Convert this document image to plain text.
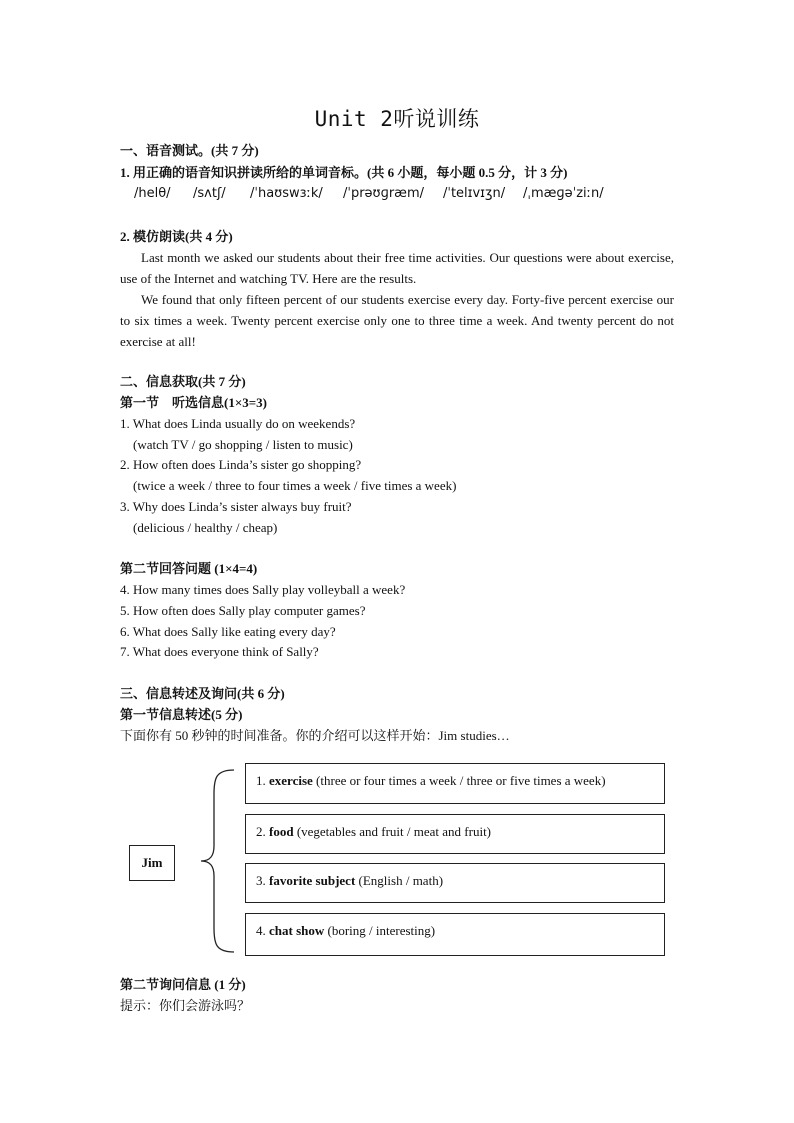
Unit 2听说训练
一、语音测试。(共 7 分)
1. 用正确的语音知识拼读所给的单词音标。(共 6 小题，每小题 0.5 分，计 3 分)
/helθ/ /sʌtʃ/ /ˈhaʊswɜːk/ /ˈprəʊɡræm/ /ˈtelɪvɪʒn/ /ˌmæɡəˈziːn/
2. 模仿朗读(共 4 分)
Last month we asked our students about their free time activities. Our questions were about exercise, use of the Internet and watching TV. Here are the results.
We found that only fifteen percent of our students exercise every day. Forty-five percent exercise our to six times a week. Twenty percent exercise only one to three time a week. And twenty percent do not exercise at all!
二、信息获取(共 7 分)
第一节　听选信息(1×3=3)
1. What does Linda usually do on weekends?
(watch TV / go shopping / listen to music)
2. How often does Linda’s sister go shopping?
(twice a week / three to four times a week / five times a week)
3. Why does Linda’s sister always buy fruit?
(delicious / healthy / cheap)
第二节回答问题 (1×4=4)
4. How many times does Sally play volleyball a week?
5. How often does Sally play computer games?
6. What does Sally like eating every day?
7. What does everyone think of Sally?
三、信息转述及询问(共 6 分)
第一节信息转述(5 分)
下面你有 50 秒钟的时间准备。你的介绍可以这样开始：Jim studies…
Jim
1. exercise (three or four times a week / three or five times a week)
2. food (vegetables and fruit / meat and fruit)
3. favorite subject (English / math)
4. chat show (boring / interesting)
第二节询问信息 (1 分)
提示：你们会游泳吗？
